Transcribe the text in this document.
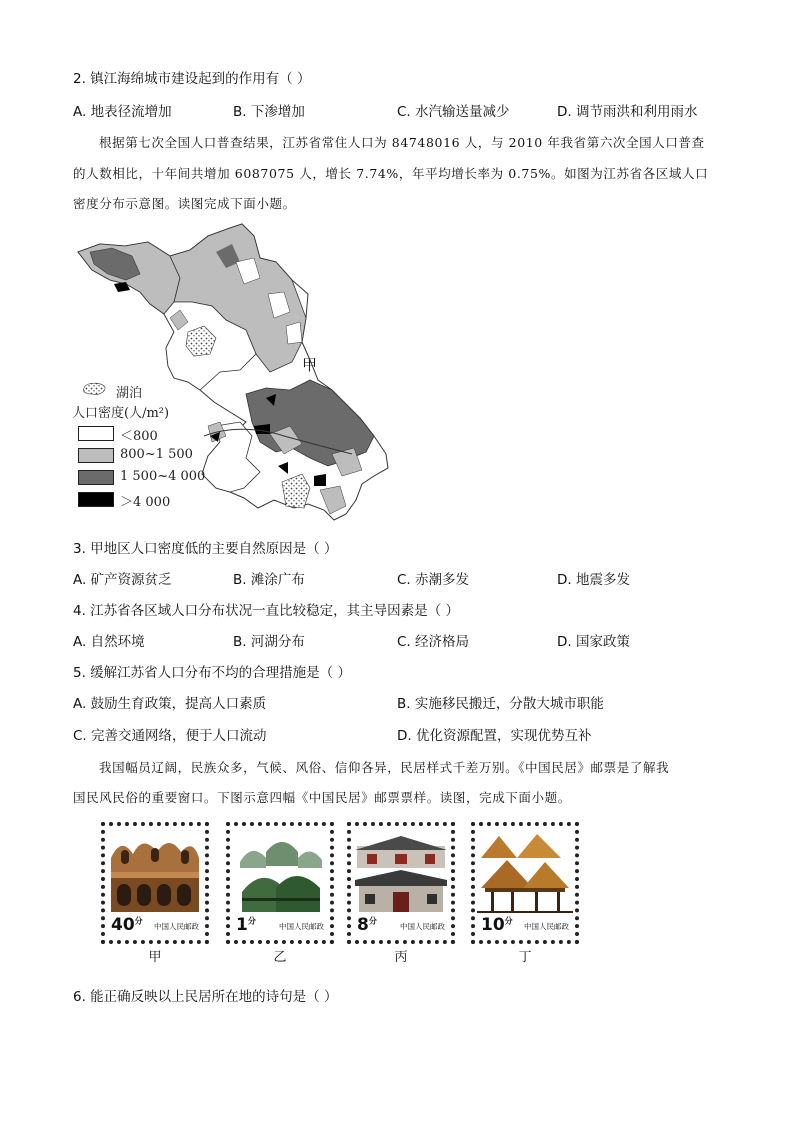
2. 镇江海绵城市建设起到的作用有（ ）
A. 地表径流增加	B. 下渗增加	C. 水汽输送量减少	D. 调节雨洪和利用雨水
根据第七次全国人口普查结果，江苏省常住人口为 84748016 人，与 2010 年我省第六次全国人口普查
的人数相比，十年间共增加 6087075 人，增长 7.74%，年平均增长率为 0.75%。如图为江苏省各区域人口
密度分布示意图。读图完成下面小题。
甲
湖泊
人口密度(人/m²)
＜800
800~1 500
1 500~4 000
＞4 000
3. 甲地区人口密度低的主要自然原因是（ ）
A. 矿产资源贫乏	B. 滩涂广布	C. 赤潮多发	D. 地震多发
4. 江苏省各区域人口分布状况一直比较稳定，其主导因素是（ ）
A. 自然环境	B. 河湖分布	C. 经济格局	D. 国家政策
5. 缓解江苏省人口分布不均的合理措施是（ ）
A. 鼓励生育政策，提高人口素质	B. 实施移民搬迁，分散大城市职能
C. 完善交通网络，便于人口流动	D. 优化资源配置，实现优势互补
我国幅员辽阔，民族众多，气候、风俗、信仰各异，民居样式千差万别。《中国民居》邮票是了解我
国民风民俗的重要窗口。下图示意四幅《中国民居》邮票票样。读图，完成下面小题。
$40^分$
中国人民邮政 $1^分$
中国人民邮政 $8^分$
中国人民邮政 $10^分$
中国人民邮政
甲	乙	丙	丁
6. 能正确反映以上民居所在地的诗句是（ ）
